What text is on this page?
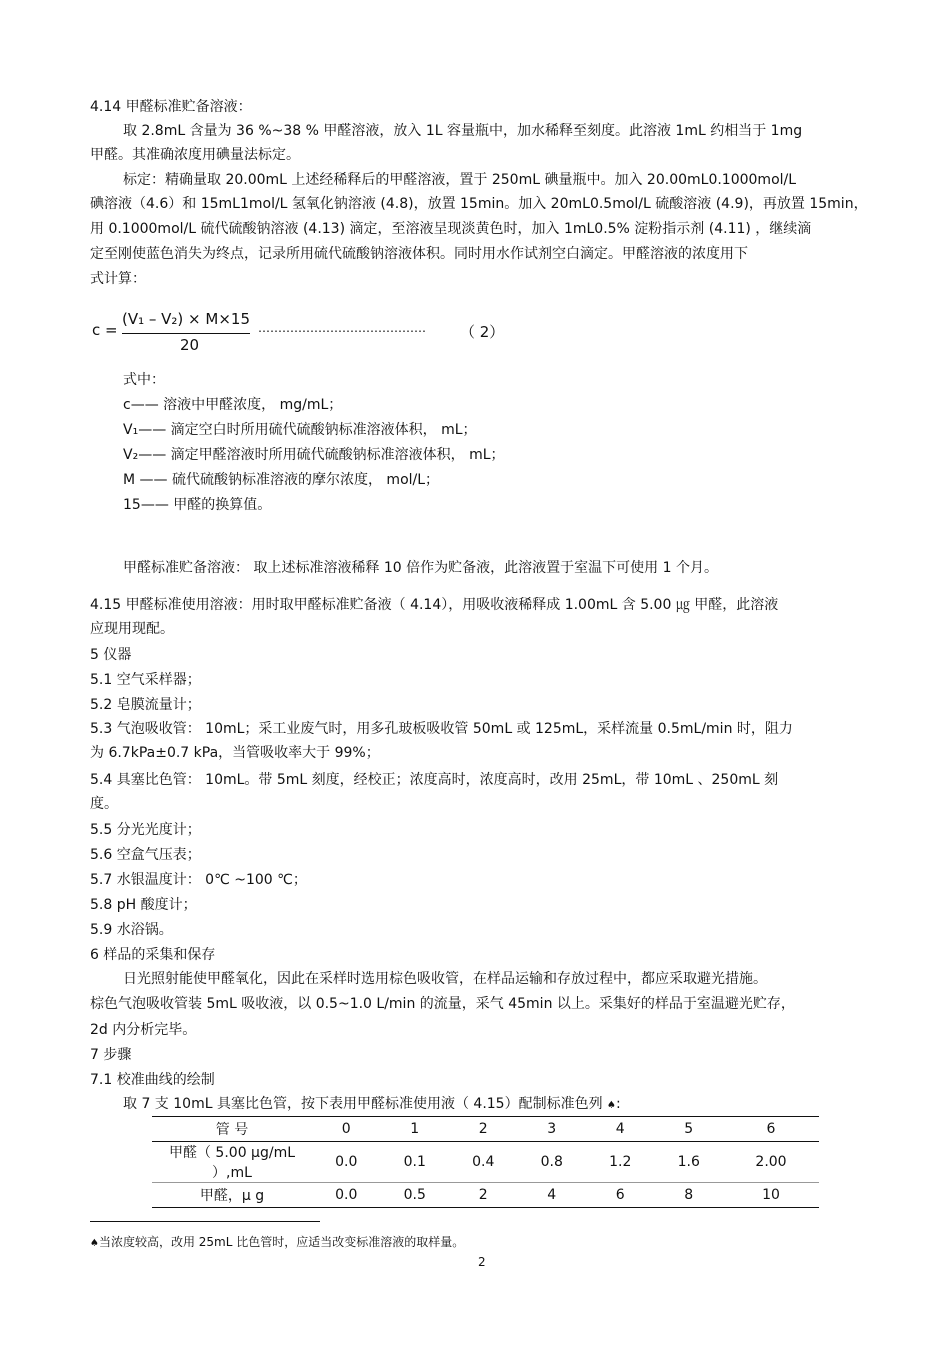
4.14 甲醛标准贮备溶液：
取 2.8mL 含量为 36 %~38 % 甲醛溶液，放入 1L 容量瓶中，加水稀释至刻度。此溶液 1mL 约相当于 1mg
甲醛。其准确浓度用碘量法标定。
标定：精确量取 20.00mL 上述经稀释后的甲醛溶液，置于 250mL 碘量瓶中。加入 20.00mL0.1000mol/L
碘溶液（4.6）和 15mL1mol/L 氢氧化钠溶液 (4.8)，放置 15min。加入 20mL0.5mol/L 硫酸溶液 (4.9)，再放置 15min，
用 0.1000mol/L 硫代硫酸钠溶液 (4.13) 滴定，至溶液呈现淡黄色时，加入 1mL0.5% 淀粉指示剂 (4.11) ，继续滴
定至刚使蓝色消失为终点，记录所用硫代硫酸钠溶液体积。同时用水作试剂空白滴定。甲醛溶液的浓度用下
式计算：
c =
(V₁ – V₂) × M×15
20
…………………………………… （ 2）
式中：
c—— 溶液中甲醛浓度， mg/mL；
V₁—— 滴定空白时所用硫代硫酸钠标准溶液体积， mL；
V₂—— 滴定甲醛溶液时所用硫代硫酸钠标准溶液体积， mL；
M —— 硫代硫酸钠标准溶液的摩尔浓度， mol/L；
15—— 甲醛的换算值。
甲醛标准贮备溶液： 取上述标准溶液稀释 10 倍作为贮备液，此溶液置于室温下可使用 1 个月。
4.15 甲醛标准使用溶液：用时取甲醛标准贮备液（ 4.14），用吸收液稀释成 1.00mL 含 5.00 ㎍ 甲醛，此溶液
应现用现配。
5 仪器
5.1 空气采样器；
5.2 皂膜流量计；
5.3 气泡吸收管： 10mL；采工业废气时，用多孔玻板吸收管 50mL 或 125mL，采样流量 0.5mL/min 时，阻力
为 6.7kPa±0.7 kPa，当管吸收率大于 99%；
5.4 具塞比色管： 10mL。带 5mL 刻度，经校正；浓度高时，浓度高时，改用 25mL，带 10mL 、250mL 刻
度。
5.5 分光光度计；
5.6 空盒气压表；
5.7 水银温度计： 0℃ ~100 ℃；
5.8 pH 酸度计；
5.9 水浴锅。
6 样品的采集和保存
日光照射能使甲醛氧化，因此在采样时选用棕色吸收管，在样品运输和存放过程中，都应采取避光措施。
棕色气泡吸收管装 5mL 吸收液，以 0.5~1.0 L/min 的流量，采气 45min 以上。采集好的样品于室温避光贮存，
2d 内分析完毕。
7 步骤
7.1 校准曲线的绘制
取 7 支 10mL 具塞比色管，按下表用甲醛标准使用液（ 4.15）配制标准色列 ♠:
管 号	0	1	2	3	4	5	6
甲醛（ 5.00 μg/mL ）,mL	0.0	0.1	0.4	0.8	1.2	1.6	2.00
甲醛，μ g	0.0	0.5	2	4	6	8	10
♠当浓度较高，改用 25mL 比色管时，应适当改变标准溶液的取样量。
2
